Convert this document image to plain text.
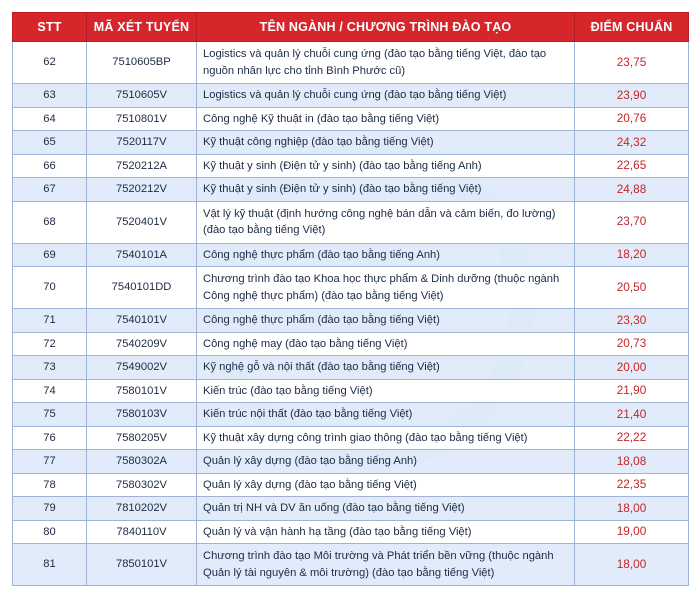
STT	MÃ XÉT TUYỂN	TÊN NGÀNH / CHƯƠNG TRÌNH ĐÀO TẠO	ĐIỂM CHUẨN
62	7510605BP	Logistics và quản lý chuỗi cung ứng (đào tạo bằng tiếng Việt, đào tạo nguồn nhân lực cho tỉnh Bình Phước cũ)	23,75
63	7510605V	Logistics và quản lý chuỗi cung ứng (đào tạo bằng tiếng Việt)	23,90
64	7510801V	Công nghệ Kỹ thuật in (đào tạo bằng tiếng Việt)	20,76
65	7520117V	Kỹ thuật công nghiệp (đào tạo bằng tiếng Việt)	24,32
66	7520212A	Kỹ thuật y sinh (Điện tử y sinh) (đào tạo bằng tiếng Anh)	22,65
67	7520212V	Kỹ thuật y sinh (Điện tử y sinh) (đào tạo bằng tiếng Việt)	24,88
68	7520401V	Vật lý kỹ thuật (định hướng công nghệ bán dẫn và cảm biến, đo lường) (đào tạo bằng tiếng Việt)	23,70
69	7540101A	Công nghệ thực phẩm (đào tạo bằng tiếng Anh)	18,20
70	7540101DD	Chương trình đào tạo Khoa học thực phẩm & Dinh dưỡng (thuộc ngành Công nghệ thực phẩm) (đào tạo bằng tiếng Việt)	20,50
71	7540101V	Công nghệ thực phẩm (đào tạo bằng tiếng Việt)	23,30
72	7540209V	Công nghệ may (đào tạo bằng tiếng Việt)	20,73
73	7549002V	Kỹ nghệ gỗ và nội thất (đào tạo bằng tiếng Việt)	20,00
74	7580101V	Kiến trúc (đào tạo bằng tiếng Việt)	21,90
75	7580103V	Kiến trúc nội thất (đào tạo bằng tiếng Việt)	21,40
76	7580205V	Kỹ thuật xây dựng công trình giao thông (đào tạo bằng tiếng Việt)	22,22
77	7580302A	Quản lý xây dựng (đào tạo bằng tiếng Anh)	18,08
78	7580302V	Quản lý xây dựng (đào tạo bằng tiếng Việt)	22,35
79	7810202V	Quản trị NH và DV ăn uống (đào tạo bằng tiếng Việt)	18,00
80	7840110V	Quản lý và vận hành hạ tầng (đào tạo bằng tiếng Việt)	19,00
81	7850101V	Chương trình đào tạo Môi trường và Phát triển bền vững (thuộc ngành Quản lý tài nguyên & môi trường) (đào tạo bằng tiếng Việt)	18,00
